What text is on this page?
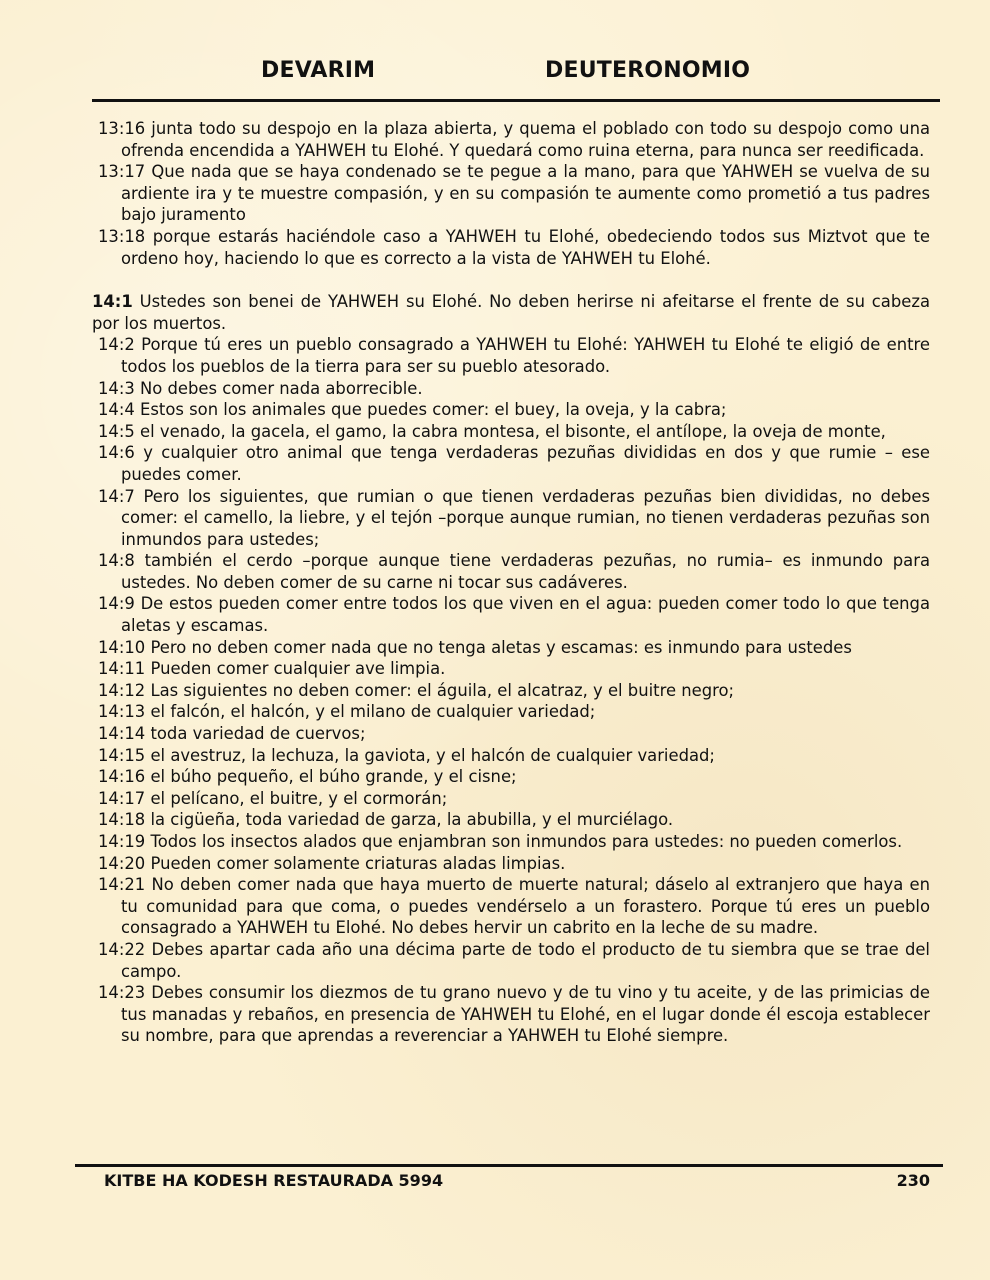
DEVARIM	DEUTERONOMIO

13:16 junta todo su despojo en la plaza abierta, y quema el poblado con todo su despojo como una ofrenda encendida a YAHWEH tu Elohé. Y quedará como ruina eterna, para nunca ser reedificada.

13:17 Que nada que se haya condenado se te pegue a la mano, para que YAHWEH se vuelva de su ardiente ira y te muestre compasión, y en su compasión te aumente como prometió a tus padres bajo juramento

13:18 porque estarás haciéndole caso a YAHWEH tu Elohé, obedeciendo todos sus Miztvot que te ordeno hoy, haciendo lo que es correcto a la vista de YAHWEH tu Elohé.

14:1 Ustedes son benei de YAHWEH su Elohé. No deben herirse ni afeitarse el frente de su cabeza por los muertos.

14:2 Porque tú eres un pueblo consagrado a YAHWEH tu Elohé: YAHWEH tu Elohé te eligió de entre todos los pueblos de la tierra para ser su pueblo atesorado.

14:3 No debes comer nada aborrecible.

14:4 Estos son los animales que puedes comer: el buey, la oveja, y la cabra;

14:5 el venado, la gacela, el gamo, la cabra montesa, el bisonte, el antílope, la oveja de monte,

14:6 y cualquier otro animal que tenga verdaderas pezuñas divididas en dos y que rumie – ese puedes comer.

14:7 Pero los siguientes, que rumian o que tienen verdaderas pezuñas bien divididas, no debes comer: el camello, la liebre, y el tejón –porque aunque rumian, no tienen verdaderas pezuñas son inmundos para ustedes;

14:8 también el cerdo –porque aunque tiene verdaderas pezuñas, no rumia– es inmundo para ustedes. No deben comer de su carne ni tocar sus cadáveres.

14:9 De estos pueden comer entre todos los que viven en el agua: pueden comer todo lo que tenga aletas y escamas.

14:10 Pero no deben comer nada que no tenga aletas y escamas: es inmundo para ustedes

14:11 Pueden comer cualquier ave limpia.

14:12 Las siguientes no deben comer: el águila, el alcatraz, y el buitre negro;

14:13 el falcón, el halcón, y el milano de cualquier variedad;

14:14 toda variedad de cuervos;

14:15 el avestruz, la lechuza, la gaviota, y el halcón de cualquier variedad;

14:16 el búho pequeño, el búho grande, y el cisne;

14:17 el pelícano, el buitre, y el cormorán;

14:18 la cigüeña, toda variedad de garza, la abubilla, y el murciélago.

14:19 Todos los insectos alados que enjambran son inmundos para ustedes: no pueden comerlos.

14:20 Pueden comer solamente criaturas aladas limpias.

14:21 No deben comer nada que haya muerto de muerte natural; dáselo al extranjero que haya en tu comunidad para que coma, o puedes vendérselo a un forastero. Porque tú eres un pueblo consagrado a YAHWEH tu Elohé. No debes hervir un cabrito en la leche de su madre.

14:22 Debes apartar cada año una décima parte de todo el producto de tu siembra que se trae del campo.

14:23 Debes consumir los diezmos de tu grano nuevo y de tu vino y tu aceite, y de las primicias de tus manadas y rebaños, en presencia de YAHWEH tu Elohé, en el lugar donde él escoja establecer su nombre, para que aprendas a reverenciar a YAHWEH tu Elohé siempre.

KITBE HA KODESH RESTAURADA 5994	230
